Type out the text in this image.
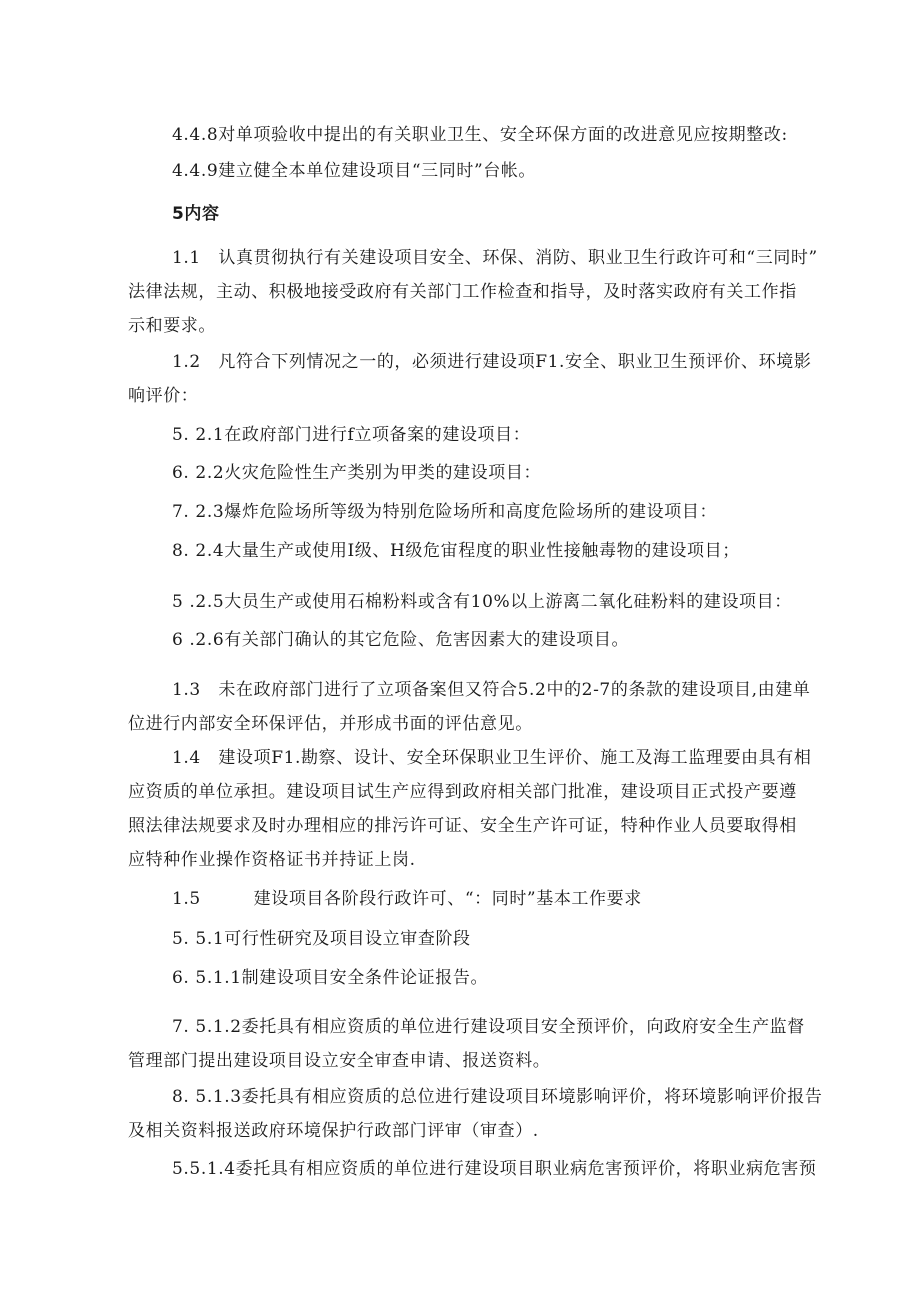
4.4.8对单项验收中提出的有关职业卫生、安全环保方面的改进意见应按期整改:
4.4.9建立健全本单位建设项目“三同时”台帐。
5内容
1.1　认真贯彻执行有关建设项目安全、环保、消防、职业卫生行政许可和“三同时”
法律法规，主动、积极地接受政府有关部门工作检查和指导，及时落实政府有关工作指
示和要求。
1.2　凡符合下列情况之一的，必须进行建设项F1.安全、职业卫生预评价、环境影
响评价：
5. 2.1在政府部门进行f立项备案的建设项目：
6. 2.2火灾危险性生产类别为甲类的建设项目：
7. 2.3爆炸危险场所等级为特别危险场所和高度危险场所的建设项目：
8. 2.4大量生产或使用I级、H级危宙程度的职业性接触毒物的建设项目；
5 .2.5大员生产或使用石棉粉料或含有10%以上游离二氧化硅粉料的建设项目：
6 .2.6有关部门确认的其它危险、危害因素大的建设项目。
1.3　未在政府部门进行了立项备案但又符合5.2中的2-7的条款的建设项目,由建单
位进行内部安全环保评估，并形成书面的评估意见。
1.4　建设项F1.勘察、设计、安全环保职业卫生评价、施工及海工监理要由具有相
应资质的单位承担。建设项目试生产应得到政府相关部门批准，建设项目正式投产要遵
照法律法规要求及时办理相应的排污许可证、安全生产许可证，特种作业人员要取得相
应特种作业操作资格证书并持证上岗.
1.5　　　建设项目各阶段行政许可、“：同时”基本工作要求
5. 5.1可行性研究及项目设立审查阶段
6. 5.1.1制建设项目安全条件论证报告。
7. 5.1.2委托具有相应资质的单位进行建设项目安全预评价，向政府安全生产监督
管理部门提出建设项目设立安全审查申请、报送资料。
8. 5.1.3委托具有相应资质的总位进行建设项目环境影响评价，将环境影响评价报告
及相关资料报送政府环境保护行政部门评审（审查）.
5.5.1.4委托具有相应资质的单位进行建设项目职业病危害预评价，将职业病危害预
